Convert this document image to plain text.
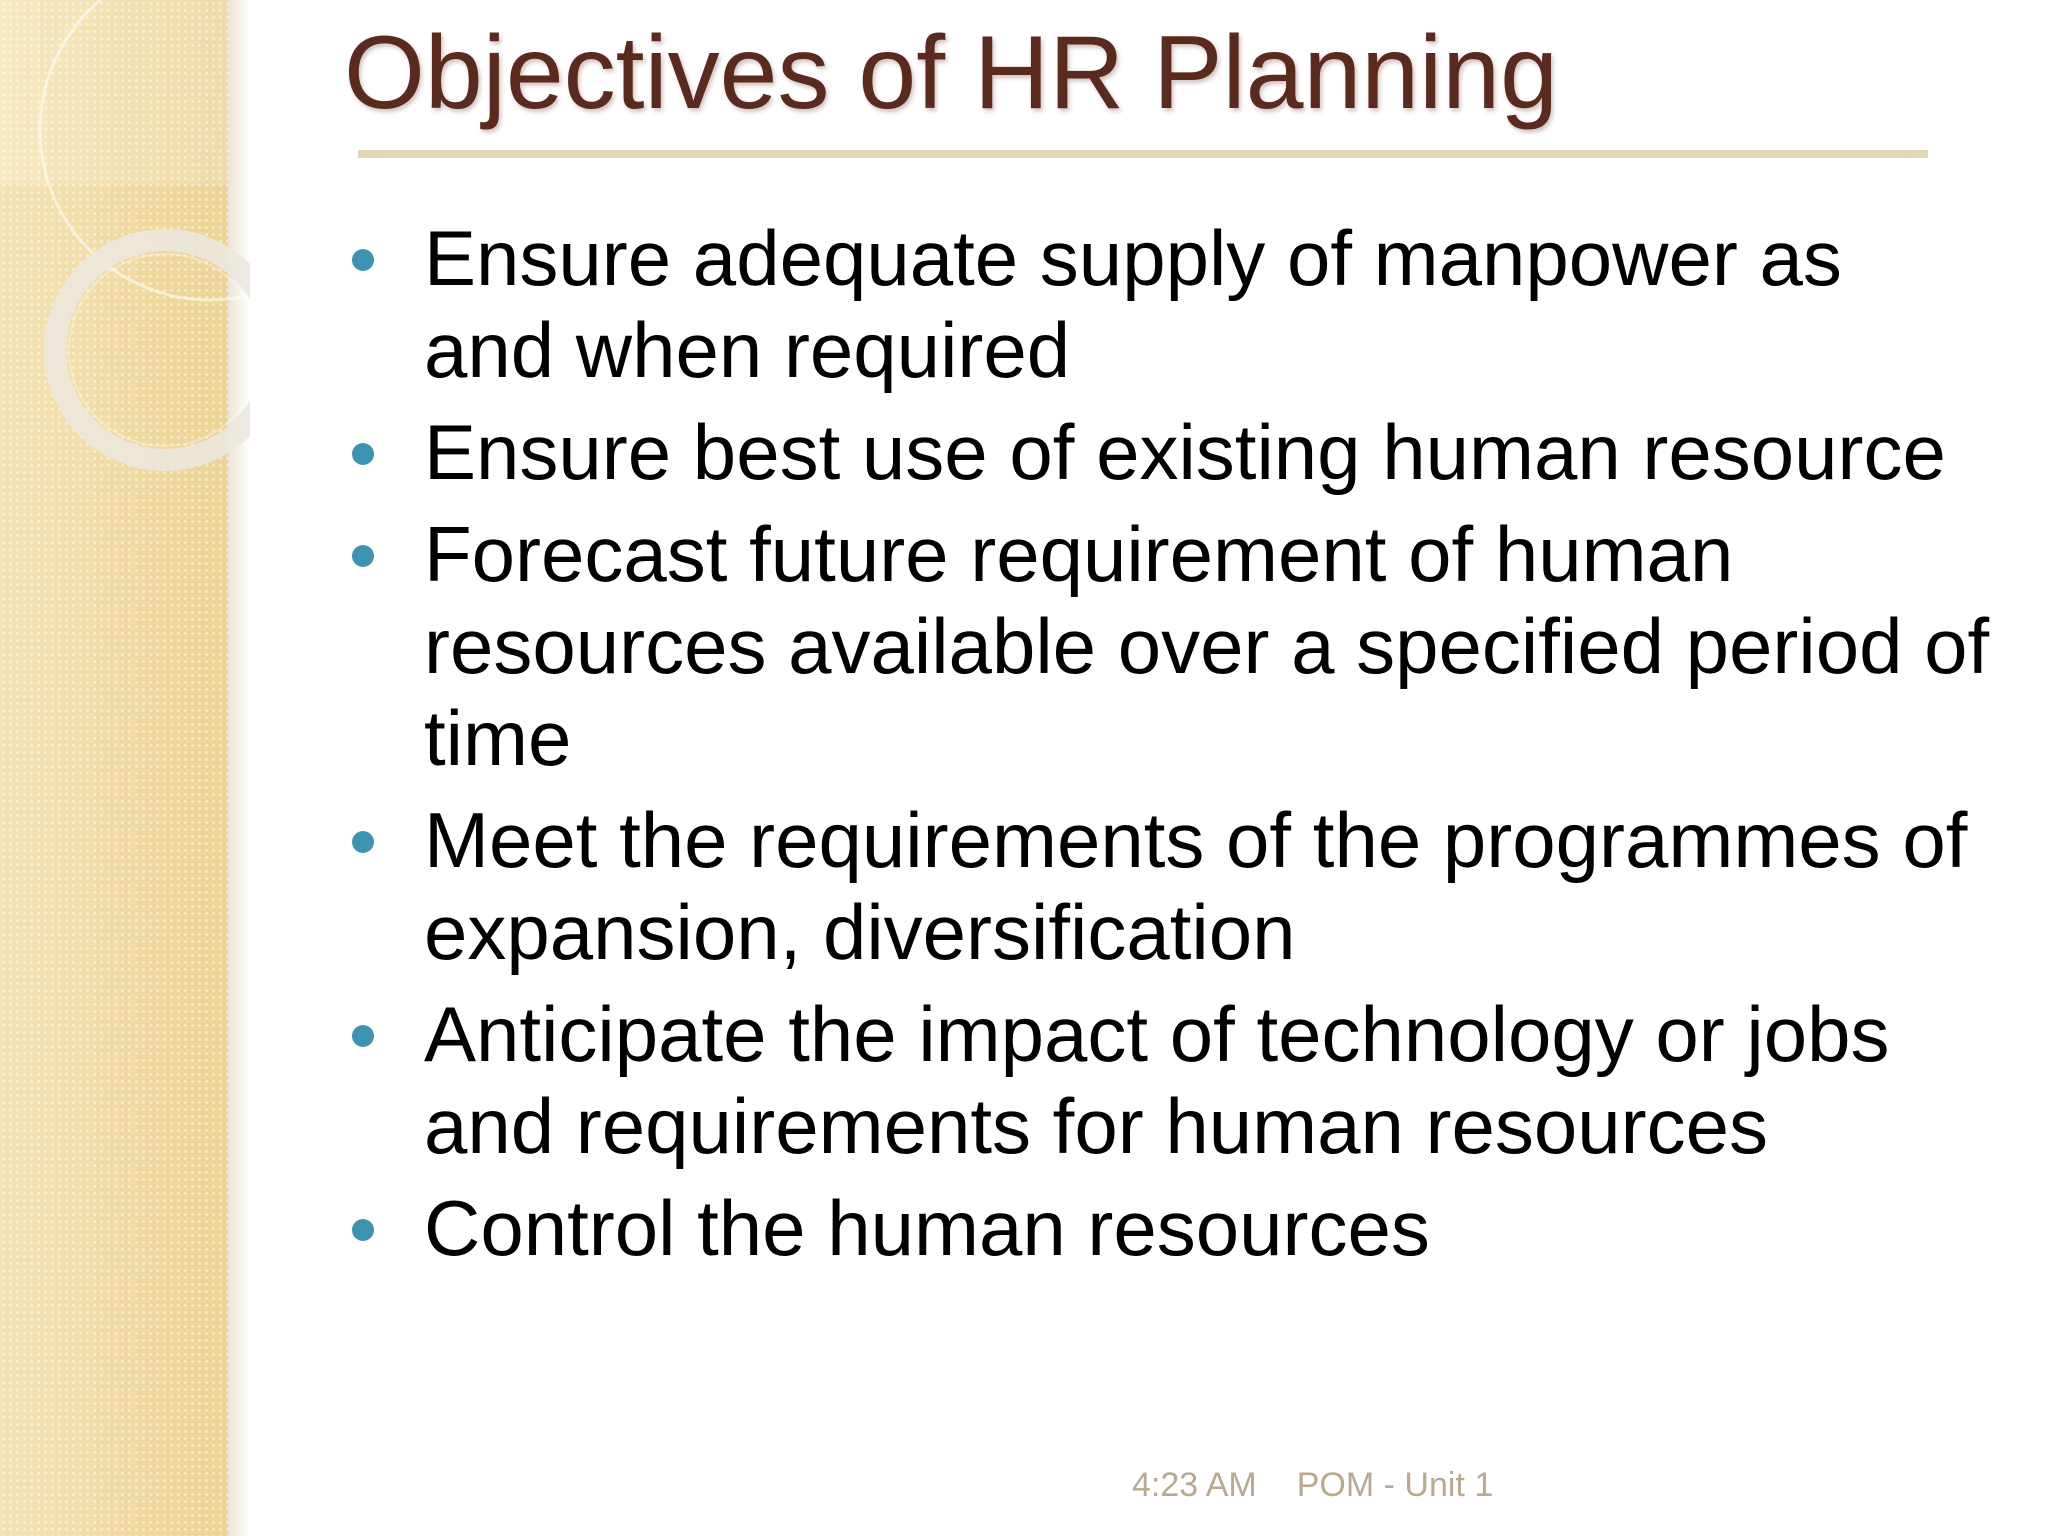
Objectives of HR Planning
Ensure adequate supply of manpower as and when required
Ensure best use of existing human resource
Forecast future requirement of human resources available over a specified period of time
Meet the requirements of the programmes of expansion, diversification
Anticipate the impact of technology or jobs and requirements for human resources
Control the human resources
4:23 AM POM - Unit 1
